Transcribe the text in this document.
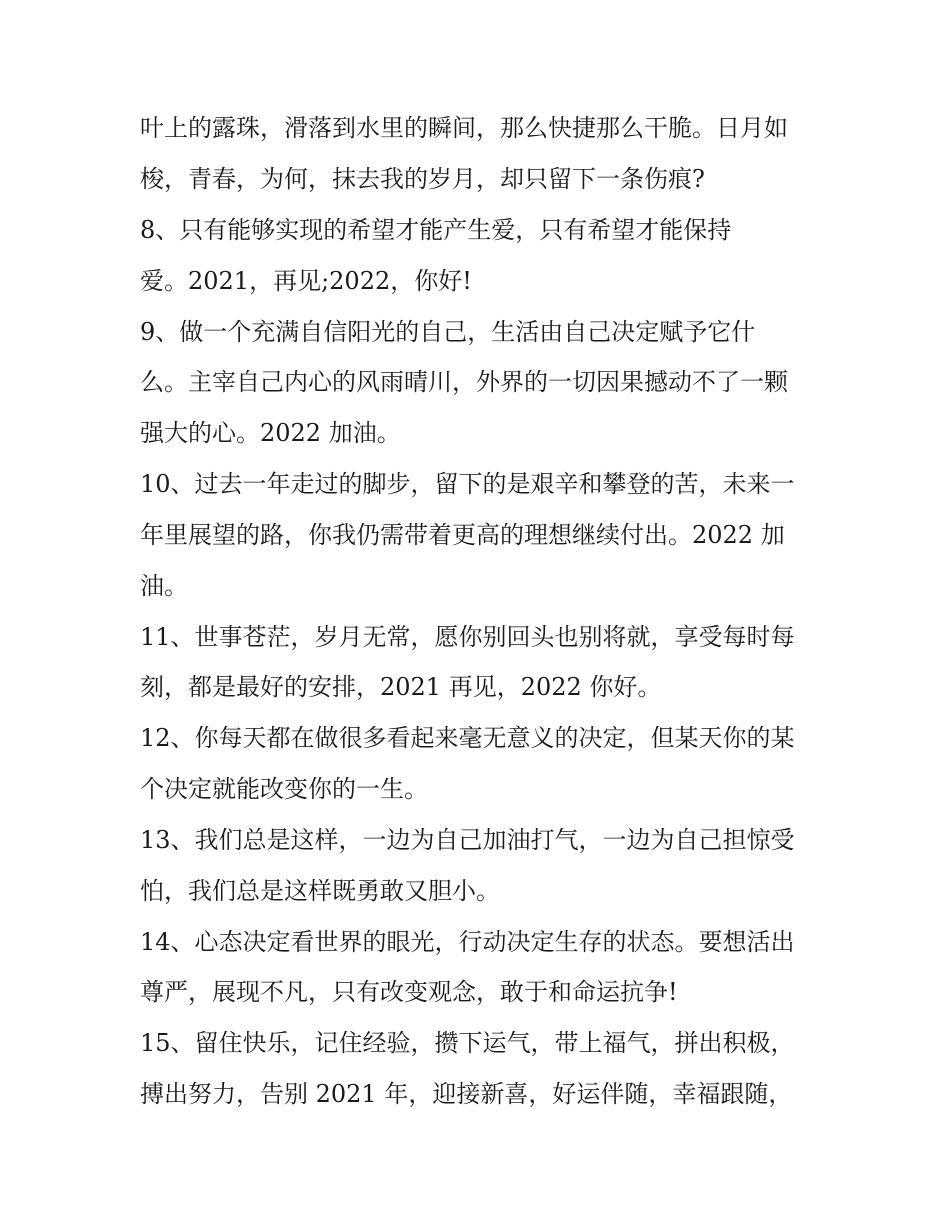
叶上的露珠，滑落到水里的瞬间，那么快捷那么干脆。日月如
梭，青春，为何，抹去我的岁月，却只留下一条伤痕?
8、只有能够实现的希望才能产生爱，只有希望才能保持
爱。2021，再见;2022，你好!
9、做一个充满自信阳光的自己，生活由自己决定赋予它什
么。主宰自己内心的风雨晴川，外界的一切因果撼动不了一颗
强大的心。2022 加油。
10、过去一年走过的脚步，留下的是艰辛和攀登的苦，未来一
年里展望的路，你我仍需带着更高的理想继续付出。2022 加
油。
11、世事苍茫，岁月无常，愿你别回头也别将就，享受每时每
刻，都是最好的安排，2021 再见，2022 你好。
12、你每天都在做很多看起来毫无意义的决定，但某天你的某
个决定就能改变你的一生。
13、我们总是这样，一边为自己加油打气，一边为自己担惊受
怕，我们总是这样既勇敢又胆小。
14、心态决定看世界的眼光，行动决定生存的状态。要想活出
尊严，展现不凡，只有改变观念，敢于和命运抗争!
15、留住快乐，记住经验，攒下运气，带上福气，拼出积极，
搏出努力，告别 2021 年，迎接新喜，好运伴随，幸福跟随，
